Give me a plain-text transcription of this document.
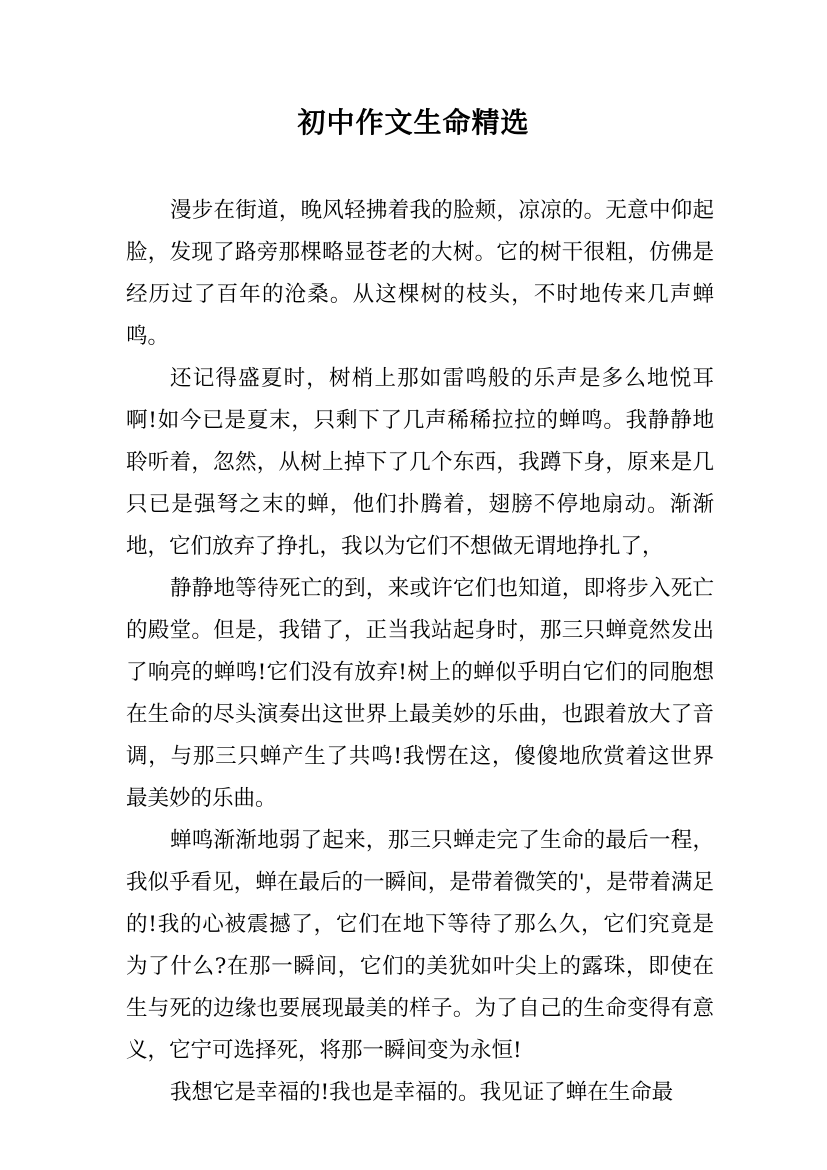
初中作文生命精选

漫步在街道，晚风轻拂着我的脸颊，凉凉的。无意中仰起脸，发现了路旁那棵略显苍老的大树。它的树干很粗，仿佛是经历过了百年的沧桑。从这棵树的枝头，不时地传来几声蝉鸣。

还记得盛夏时，树梢上那如雷鸣般的乐声是多么地悦耳啊!如今已是夏末，只剩下了几声稀稀拉拉的蝉鸣。我静静地聆听着，忽然，从树上掉下了几个东西，我蹲下身，原来是几只已是强弩之末的蝉，他们扑腾着，翅膀不停地扇动。渐渐地，它们放弃了挣扎，我以为它们不想做无谓地挣扎了，

静静地等待死亡的到，来或许它们也知道，即将步入死亡的殿堂。但是，我错了，正当我站起身时，那三只蝉竟然发出了响亮的蝉鸣!它们没有放弃!树上的蝉似乎明白它们的同胞想在生命的尽头演奏出这世界上最美妙的乐曲，也跟着放大了音调，与那三只蝉产生了共鸣!我愣在这，傻傻地欣赏着这世界最美妙的乐曲。

蝉鸣渐渐地弱了起来，那三只蝉走完了生命的最后一程，我似乎看见，蝉在最后的一瞬间，是带着微笑的'，是带着满足的!我的心被震撼了，它们在地下等待了那么久，它们究竟是为了什么?在那一瞬间，它们的美犹如叶尖上的露珠，即使在生与死的边缘也要展现最美的样子。为了自己的生命变得有意义，它宁可选择死，将那一瞬间变为永恒!

我想它是幸福的!我也是幸福的。我见证了蝉在生命最
